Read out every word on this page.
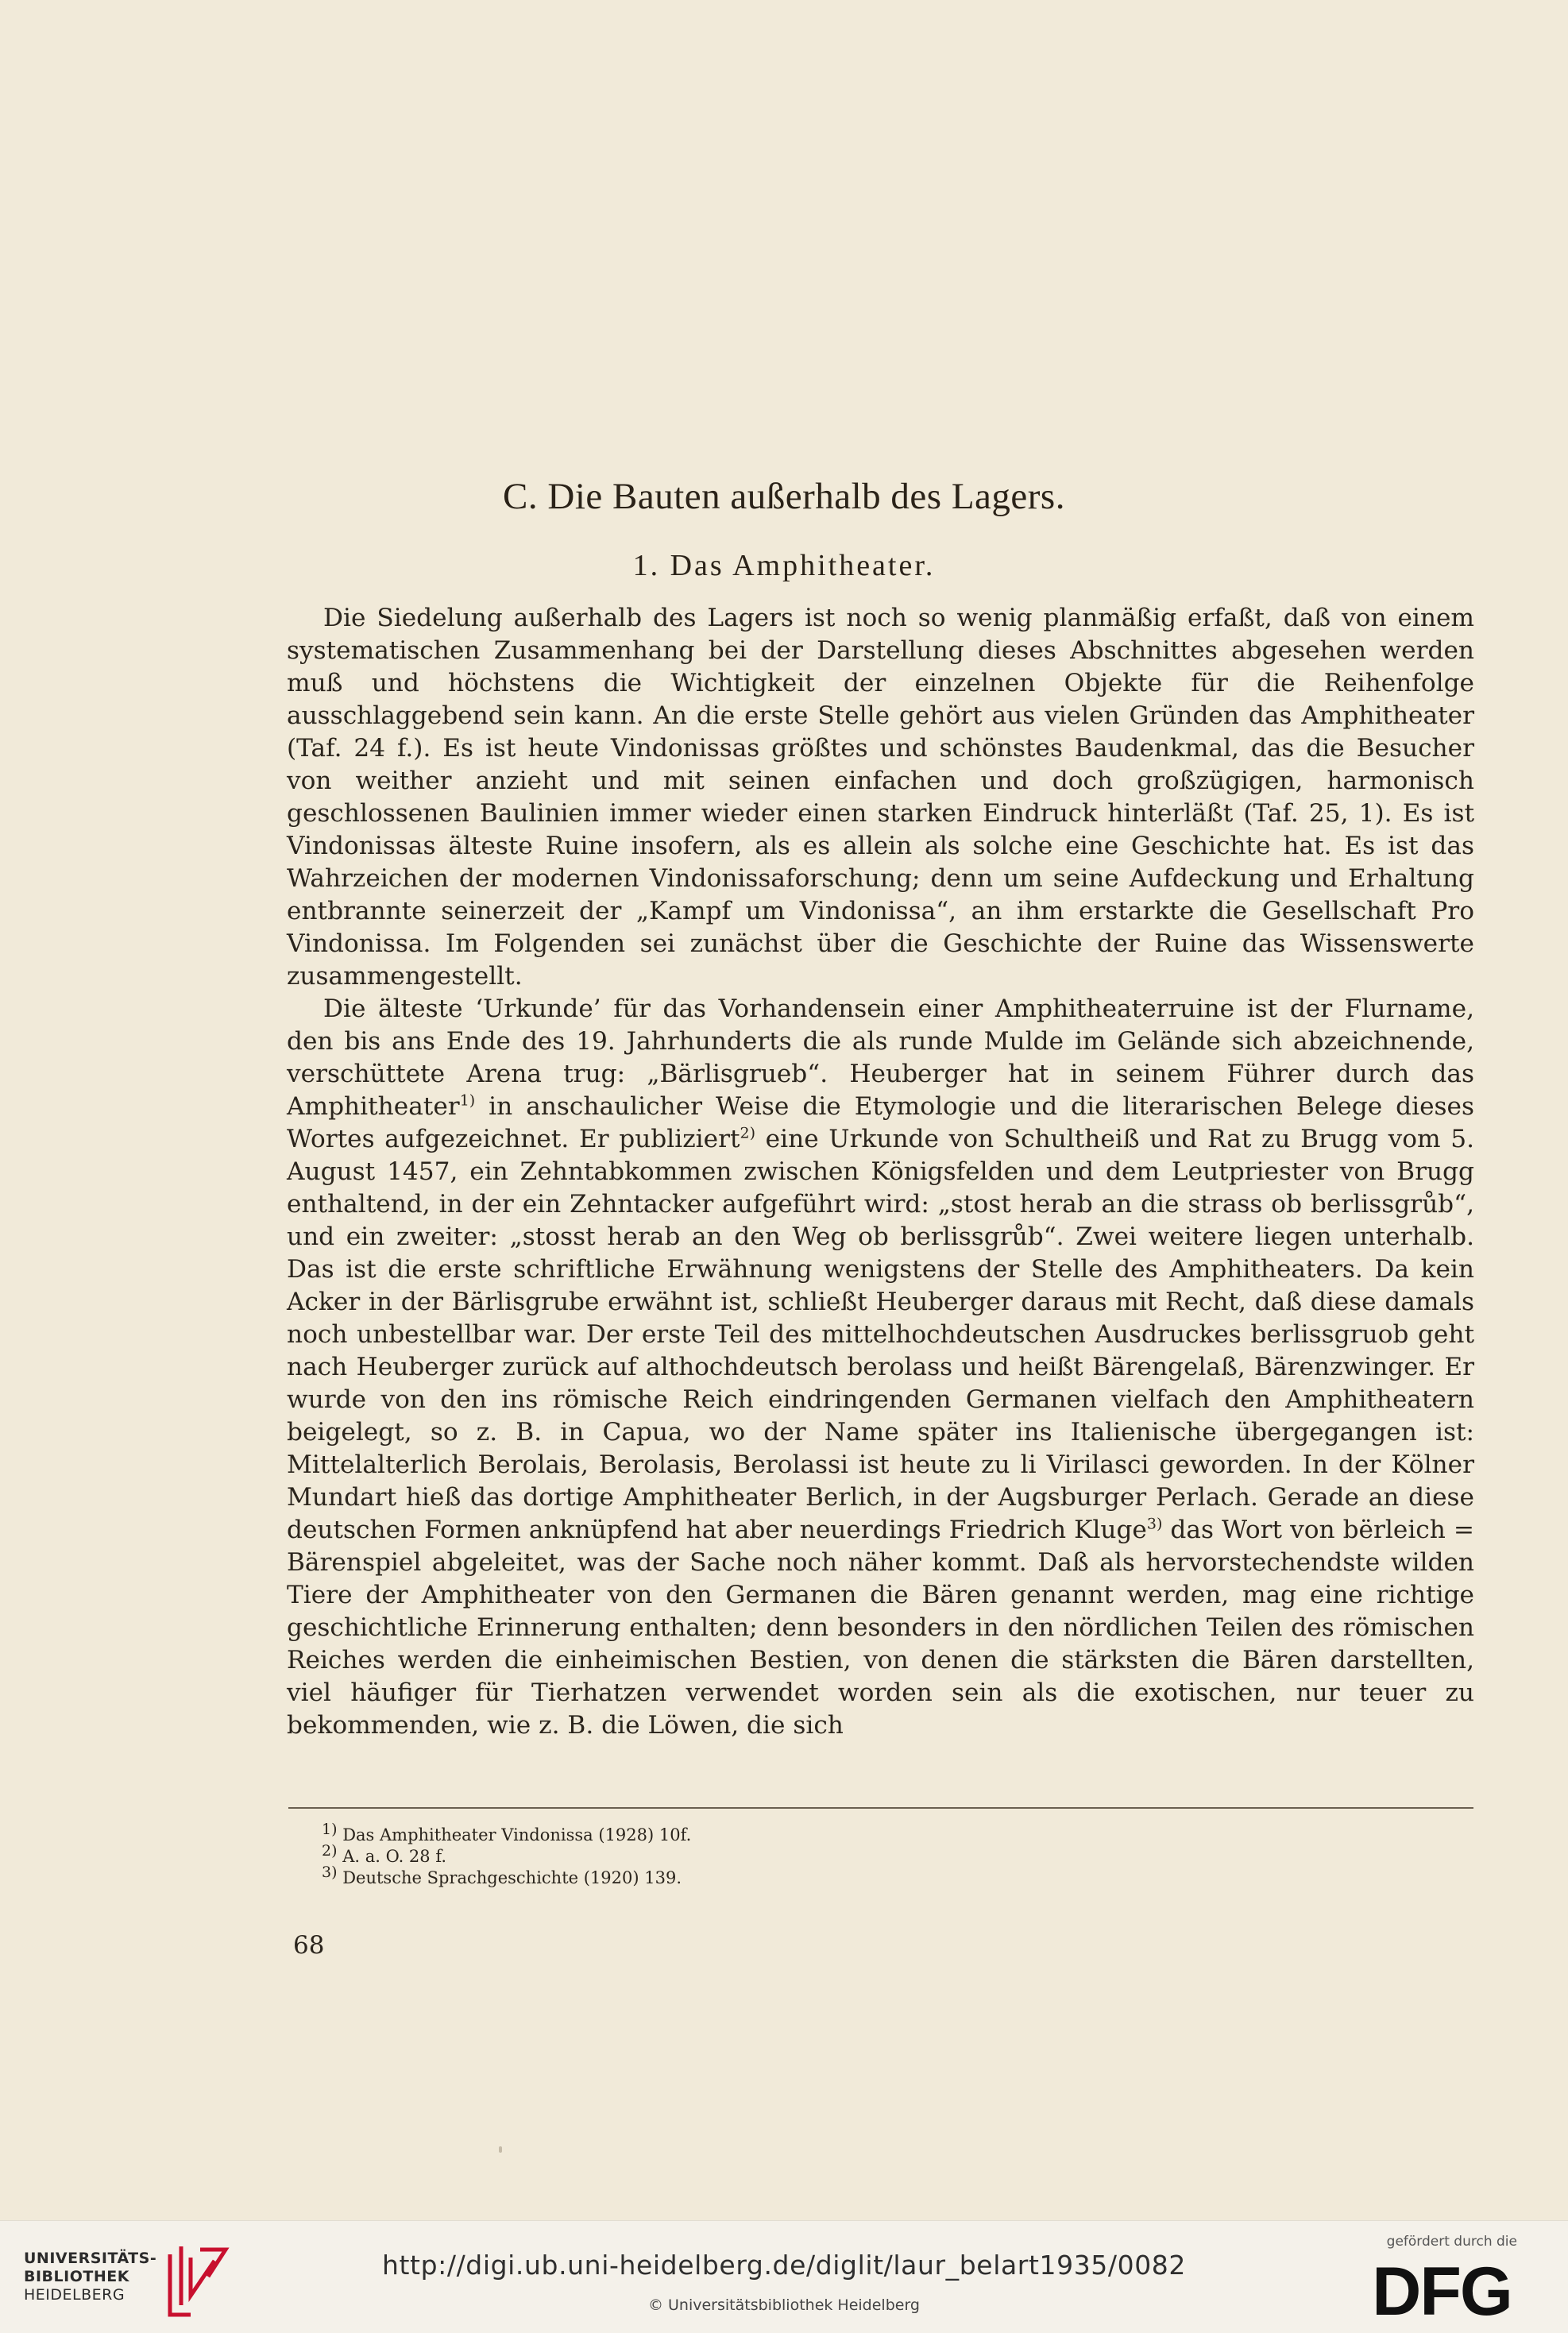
C. Die Bauten außerhalb des Lagers.
1. Das Amphitheater.

Die Siedelung außerhalb des Lagers ist noch so wenig planmäßig erfaßt, daß von einem systematischen Zusammenhang bei der Darstellung dieses Abschnittes abgesehen werden muß und höchstens die Wichtigkeit der einzelnen Objekte für die Reihenfolge ausschlaggebend sein kann. An die erste Stelle gehört aus vielen Gründen das Amphitheater (Taf. 24 f.). Es ist heute Vindonissas größtes und schönstes Baudenkmal, das die Besucher von weither anzieht und mit seinen einfachen und doch großzügigen, harmonisch geschlossenen Baulinien immer wieder einen starken Eindruck hinterläßt (Taf. 25, 1). Es ist Vindonissas älteste Ruine insofern, als es allein als solche eine Geschichte hat. Es ist das Wahrzeichen der modernen Vindonissaforschung; denn um seine Aufdeckung und Erhaltung entbrannte seinerzeit der „Kampf um Vindonissa“, an ihm erstarkte die Gesellschaft Pro Vindonissa. Im Folgenden sei zunächst über die Geschichte der Ruine das Wissenswerte zusammengestellt.

Die älteste ‘Urkunde’ für das Vorhandensein einer Amphitheaterruine ist der Flurname, den bis ans Ende des 19. Jahrhunderts die als runde Mulde im Gelände sich abzeichnende, verschüttete Arena trug: „Bärlisgrueb“. Heuberger hat in seinem Führer durch das Amphitheater$^{1)}$ in anschaulicher Weise die Etymologie und die literarischen Belege dieses Wortes aufgezeichnet. Er publiziert$^{2)}$ eine Urkunde von Schultheiß und Rat zu Brugg vom 5. August 1457, ein Zehntabkommen zwischen Königsfelden und dem Leutpriester von Brugg enthaltend, in der ein Zehntacker aufgeführt wird: „stost herab an die strass ob berlissgrůb“, und ein zweiter: „stosst herab an den Weg ob berlissgrůb“. Zwei weitere liegen unterhalb. Das ist die erste schriftliche Erwähnung wenigstens der Stelle des Amphitheaters. Da kein Acker in der Bärlisgrube erwähnt ist, schließt Heuberger daraus mit Recht, daß diese damals noch unbestellbar war. Der erste Teil des mittelhochdeutschen Ausdruckes berlissgruob geht nach Heuberger zurück auf althochdeutsch berolass und heißt Bärengelaß, Bärenzwinger. Er wurde von den ins römische Reich eindringenden Germanen vielfach den Amphitheatern beigelegt, so z. B. in Capua, wo der Name später ins Italienische übergegangen ist: Mittelalterlich Berolais, Berolasis, Berolassi ist heute zu li Virilasci geworden. In der Kölner Mundart hieß das dortige Amphitheater Berlich, in der Augsburger Perlach. Gerade an diese deutschen Formen anknüpfend hat aber neuerdings Friedrich Kluge$^{3)}$ das Wort von bërleich = Bärenspiel abgeleitet, was der Sache noch näher kommt. Daß als hervorstechendste wilden Tiere der Amphitheater von den Germanen die Bären genannt werden, mag eine richtige geschichtliche Erinnerung enthalten; denn besonders in den nördlichen Teilen des römischen Reiches werden die einheimischen Bestien, von denen die stärksten die Bären darstellten, viel häufiger für Tierhatzen verwendet worden sein als die exotischen, nur teuer zu bekommenden, wie z. B. die Löwen, die sich

$^{1)}$ Das Amphitheater Vindonissa (1928) 10f.
$^{2)}$ A. a. O. 28 f.
$^{3)}$ Deutsche Sprachgeschichte (1920) 139.
68
UNIVERSITÄTS-
BIBLIOTHEK
HEIDELBERG
http://digi.ub.uni-heidelberg.de/diglit/laur_belart1935/0082
© Universitätsbibliothek Heidelberg
gefördert durch die
DFG
